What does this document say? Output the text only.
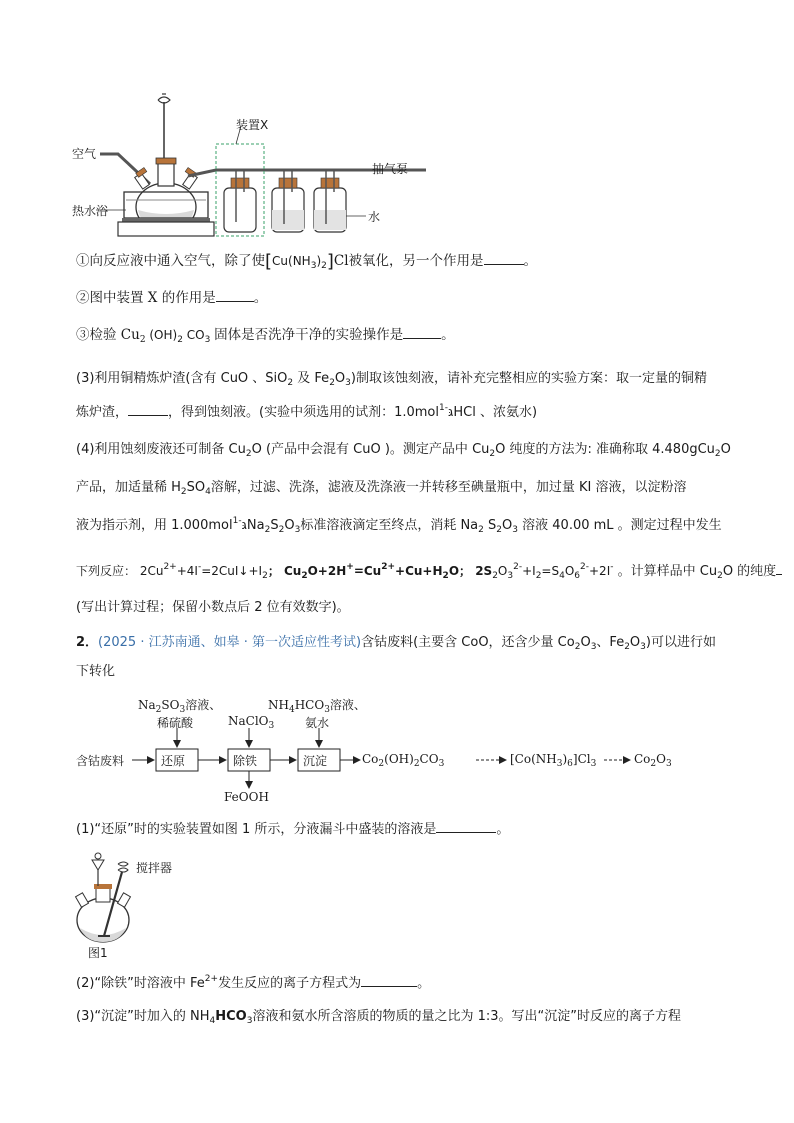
空气
装置X
抽气泵
热水浴	水
①向反应液中通入空气，除了使$[Cu(NH_3)_2]Cl$被氧化，另一个作用是	。
②图中装置 X 的作用是	。
③检验 $Cu_2$ $(OH)_2$ $CO_3$ 固体是否洗净干净的实验操作是	。
(3)利用铜精炼炉渣(含有 CuO 、SiO$_2$ 及 $Fe_2O_3$)制取该蚀刻液，请补充完整相应的实验方案：取一定量的铜精
炼炉渣，	，得到蚀刻液。(实验中须选用的试剂：1.0molגּ$^{-1}$ HCl 、浓氨水)
(4)利用蚀刻废液还可制备 $Cu_2O$ (产品中会混有 CuO )。测定产品中 $Cu_2O$ 纯度的方法为: 准确称取 4.480gCu$_2$O
产品，加适量稀 $H_2SO_4$溶解，过滤、洗涤，滤液及洗涤液一并转移至碘量瓶中，加过量 KI 溶液，以淀粉溶
液为指示剂，用 1.000molגּ$^{-1}$ $Na_2S_2O_3$标准溶液滴定至终点，消耗 $Na_2$ $S_2O_3$ 溶液 40.00 mL 。测定过程中发生
下列反应： $2Cu^{2+}+4I^-=2CuI↓+I_2$； $Cu_2O+2H^+=Cu^{2+}+Cu+H_2O$； $2S_2O_3^{2-}+I_2=S_4O_6^{2-}+2I^-$ 。计算样品中 $Cu_2O$ 的纯度
(写出计算过程；保留小数点后 2 位有效数字)。
2．(2025 · 江苏南通、如皋 · 第一次适应性考试)含钴废料(主要含 CoO，还含少量 $Co_2O_3$、$Fe_2O_3$)可以进行如
下转化
$Na_2SO_3$溶液、
稀硫酸	NaClO$_3$
$NH_4HCO_3$溶液、
氨水
含钴废料	还原	除铁	沉淀	$Co_2(OH)_2CO_3$	$[Co(NH_3)_6]Cl_3$	$Co_2O_3$
FeOOH
(1)“还原”时的实验装置如图 1 所示，分液漏斗中盛装的溶液是	。
搅拌器
图1
(2)“除铁”时溶液中 $Fe^{2+}$发生反应的离子方程式为	。
(3)“沉淀”时加入的 $NH_4HCO_3$溶液和氨水所含溶质的物质的量之比为 1:3。写出“沉淀”时反应的离子方程
